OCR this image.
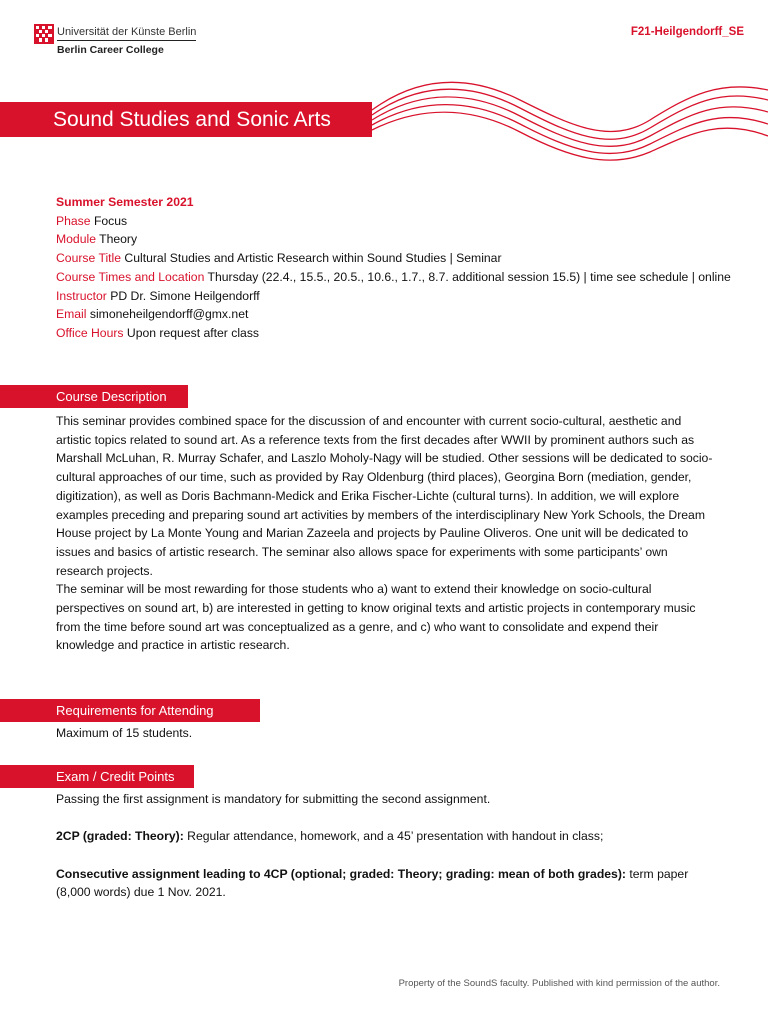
Universität der Künste Berlin
Berlin Career College
F21-Heilgendorff_SE
Sound Studies and Sonic Arts

Summer Semester 2021

Phase Focus

Module Theory

Course Title Cultural Studies and Artistic Research within Sound Studies | Seminar

Course Times and Location Thursday (22.4., 15.5., 20.5., 10.6., 1.7., 8.7. additional session 15.5) | time see schedule | online

Instructor PD Dr. Simone Heilgendorff

Email simoneheilgendorff@gmx.net

Office Hours Upon request after class

Course Description

This seminar provides combined space for the discussion of and encounter with current socio-cultural, aesthetic and artistic topics related to sound art. As a reference texts from the first decades after WWII by prominent authors such as Marshall McLuhan, R. Murray Schafer, and Laszlo Moholy-Nagy will be studied. Other sessions will be dedicated to socio-cultural approaches of our time, such as provided by Ray Oldenburg (third places), Georgina Born (mediation, gender, digitization), as well as Doris Bachmann-Medick and Erika Fischer-Lichte (cultural turns). In addition, we will explore examples preceding and preparing sound art activities by members of the interdisciplinary New York Schools, the Dream House project by La Monte Young and Marian Zazeela and projects by Pauline Oliveros. One unit will be dedicated to issues and basics of artistic research. The seminar also allows space for experiments with some participants’ own research projects.

The seminar will be most rewarding for those students who a) want to extend their knowledge on socio-cultural perspectives on sound art, b) are interested in getting to know original texts and artistic projects in contemporary music from the time before sound art was conceptualized as a genre, and c) who want to consolidate and expend their knowledge and practice in artistic research.

Requirements for Attending

Maximum of 15 students.

Exam / Credit Points

Passing the first assignment is mandatory for submitting the second assignment.

2CP (graded: Theory): Regular attendance, homework, and a 45’ presentation with handout in class;

Consecutive assignment leading to 4CP (optional; graded: Theory; grading: mean of both grades): term paper (8,000 words) due 1 Nov. 2021.

Property of the SoundS faculty. Published with kind permission of the author.
